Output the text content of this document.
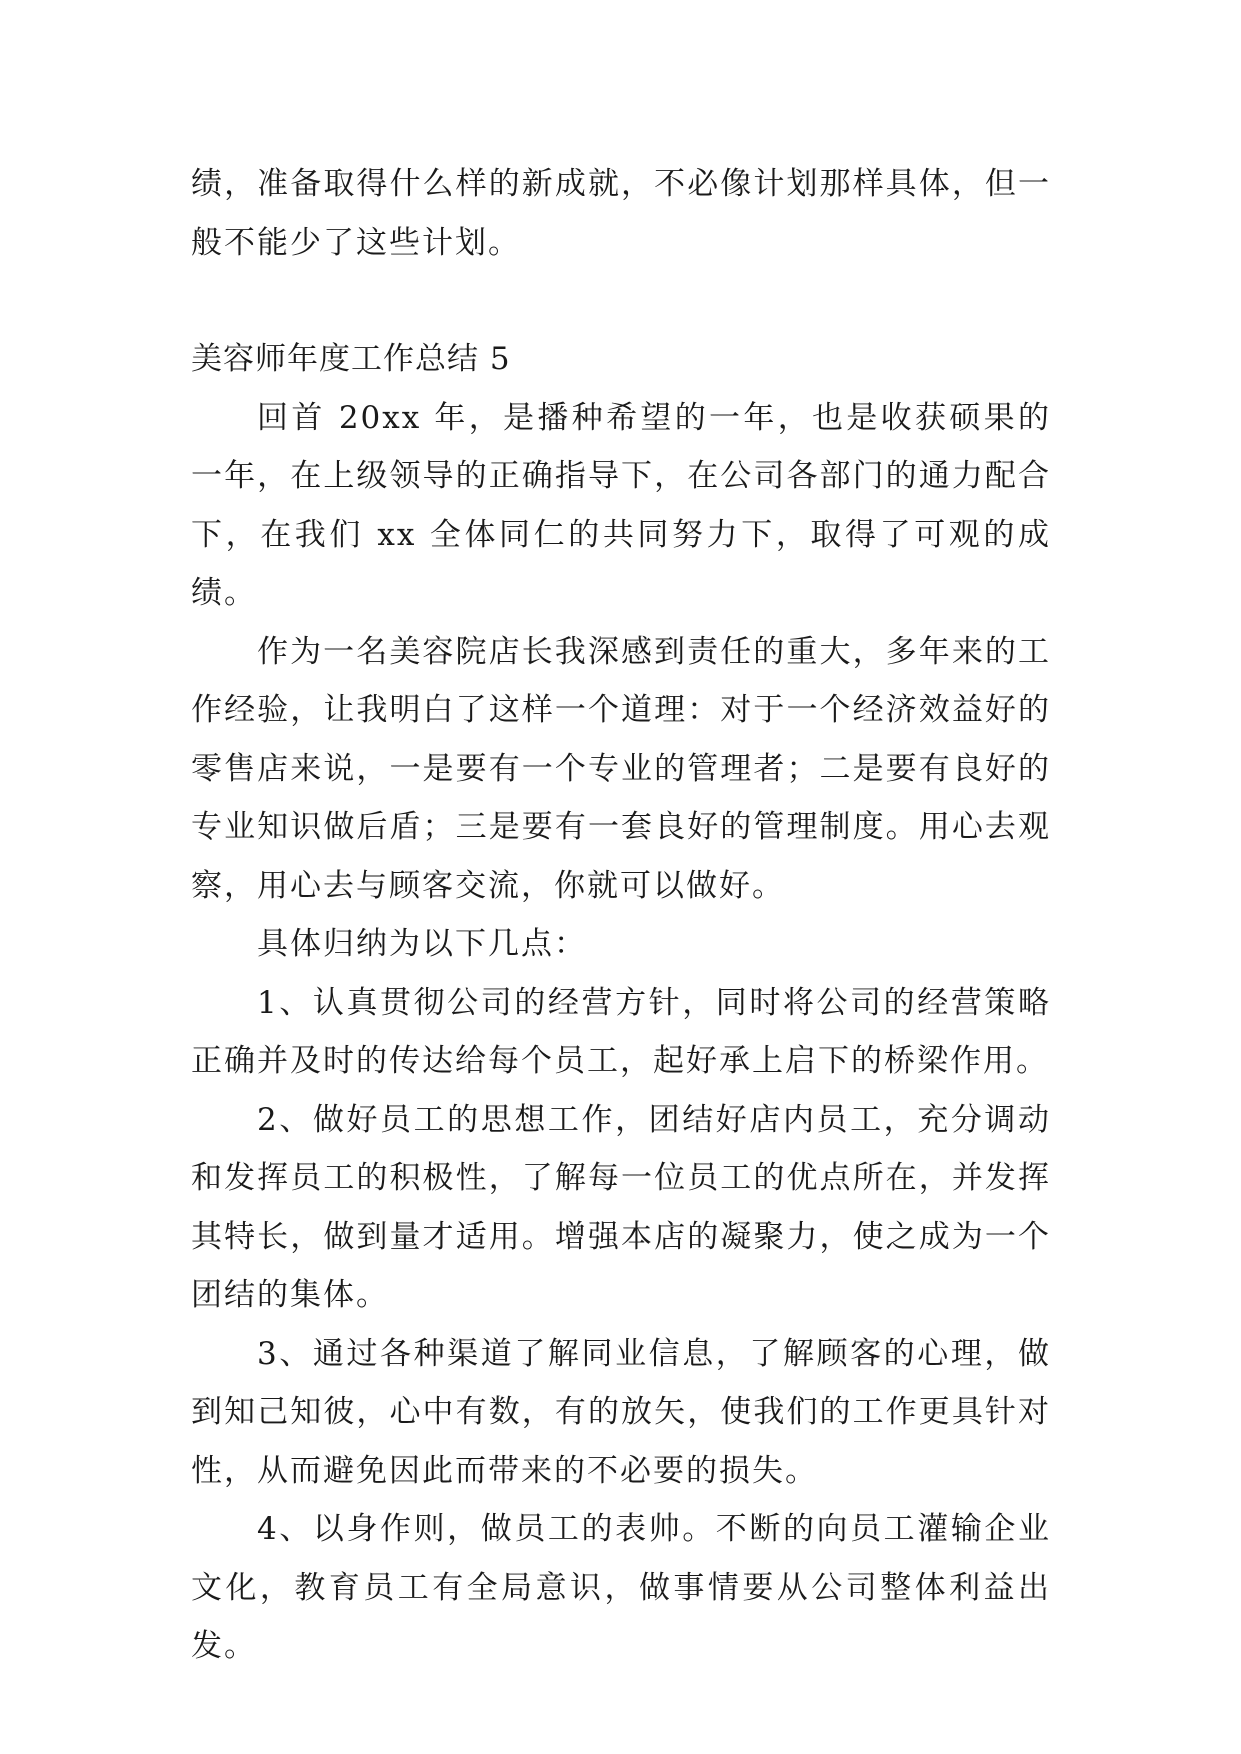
绩，准备取得什么样的新成就，不必像计划那样具体，但一般不能少了这些计划。

美容师年度工作总结 5

回首 20xx 年，是播种希望的一年，也是收获硕果的一年，在上级领导的正确指导下，在公司各部门的通力配合下，在我们 xx 全体同仁的共同努力下，取得了可观的成绩。

作为一名美容院店长我深感到责任的重大，多年来的工作经验，让我明白了这样一个道理：对于一个经济效益好的零售店来说，一是要有一个专业的管理者；二是要有良好的专业知识做后盾；三是要有一套良好的管理制度。用心去观察，用心去与顾客交流，你就可以做好。

具体归纳为以下几点：

1、认真贯彻公司的经营方针，同时将公司的经营策略正确并及时的传达给每个员工，起好承上启下的桥梁作用。

2、做好员工的思想工作，团结好店内员工，充分调动和发挥员工的积极性，了解每一位员工的优点所在，并发挥其特长，做到量才适用。增强本店的凝聚力，使之成为一个团结的集体。

3、通过各种渠道了解同业信息，了解顾客的心理，做到知己知彼，心中有数，有的放矢，使我们的工作更具针对性，从而避免因此而带来的不必要的损失。

4、以身作则，做员工的表帅。不断的向员工灌输企业文化，教育员工有全局意识，做事情要从公司整体利益出发。
